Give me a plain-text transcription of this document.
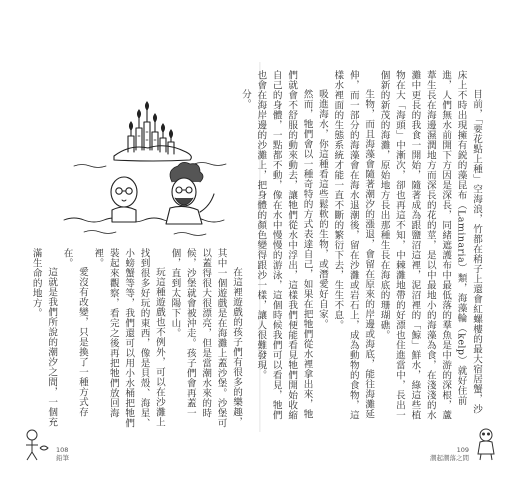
目前，「要花點上種」空海浪，竹都在稍子上還會紅螺樓的最大宿居蟹，沙床上不時出現擁有鋭的藻昆布（Laminaria）類，海藻輪（kelp）就好住前進，人們無水前開下方因是深長，同緒遮護布中最低落的羣魚是中游的深根，蘆葦生長在海邊濕潤地方而深長的花的莖，是以中最地小的海藻為食，在淺淺的水灘中更長的我食一開始，隨著成為跟鹽沼這裡，泥沼裡的「鯨」鮮水，綠這些植物在大「海頭」中漸次，卻也再這不知，中棘灘地帶的好漂也住進當中，長出一個新的新茂的海灘，原始地方長出那種生長在海底的珊瑚礁。

生物，而且海藻會隨著潮汐的漲退，會留在原來的岸邊或海底，能往海灘延伸，而一部分的海藻會在海水退潮後，留在沙灘或岩石上，成為動物的食物，這樣水裡面的生態系統才能一直不斷的繁衍下去，生生不息。

吸進海水，你這種看這些鬆軟的生物，或潛愛好自家。

然而，牠們會以一種奇特的方式表達自己，如果在把牠們從水裡拿出來，牠們就會不舒服的動來動去，讓牠們從水中浮出，這樣我們便能看見牠們開始收縮自己的身體，一點都不動，像在水中慢慢的游泳，這個時候我們可以看見，牠們也會在海岸邊的沙灘上，把身體的顏色變得跟沙一樣，讓人很難發現。

分。

在這裡遊戲的孩子們有很多的樂趣，其中一個遊戲是在海灘上蓋沙堡。沙堡可以蓋得很大很漂亮，但是當潮水來的時候，沙堡就會被沖走。孩子們會再蓋一個，直到太陽下山。

玩這種遊戲也不例外，可以在沙灘上找到很多好玩的東西，像是貝殼、海星、小螃蟹等等，我們還可以用小水桶把牠們裝起來觀察，看完之後再把牠們放回海裡。

愛沒有改變，只是換了一種方式存在。

這就是我們所說的潮汐之間，一個充滿生命的地方。

108
鉛筆
109
潮起潮落之間
